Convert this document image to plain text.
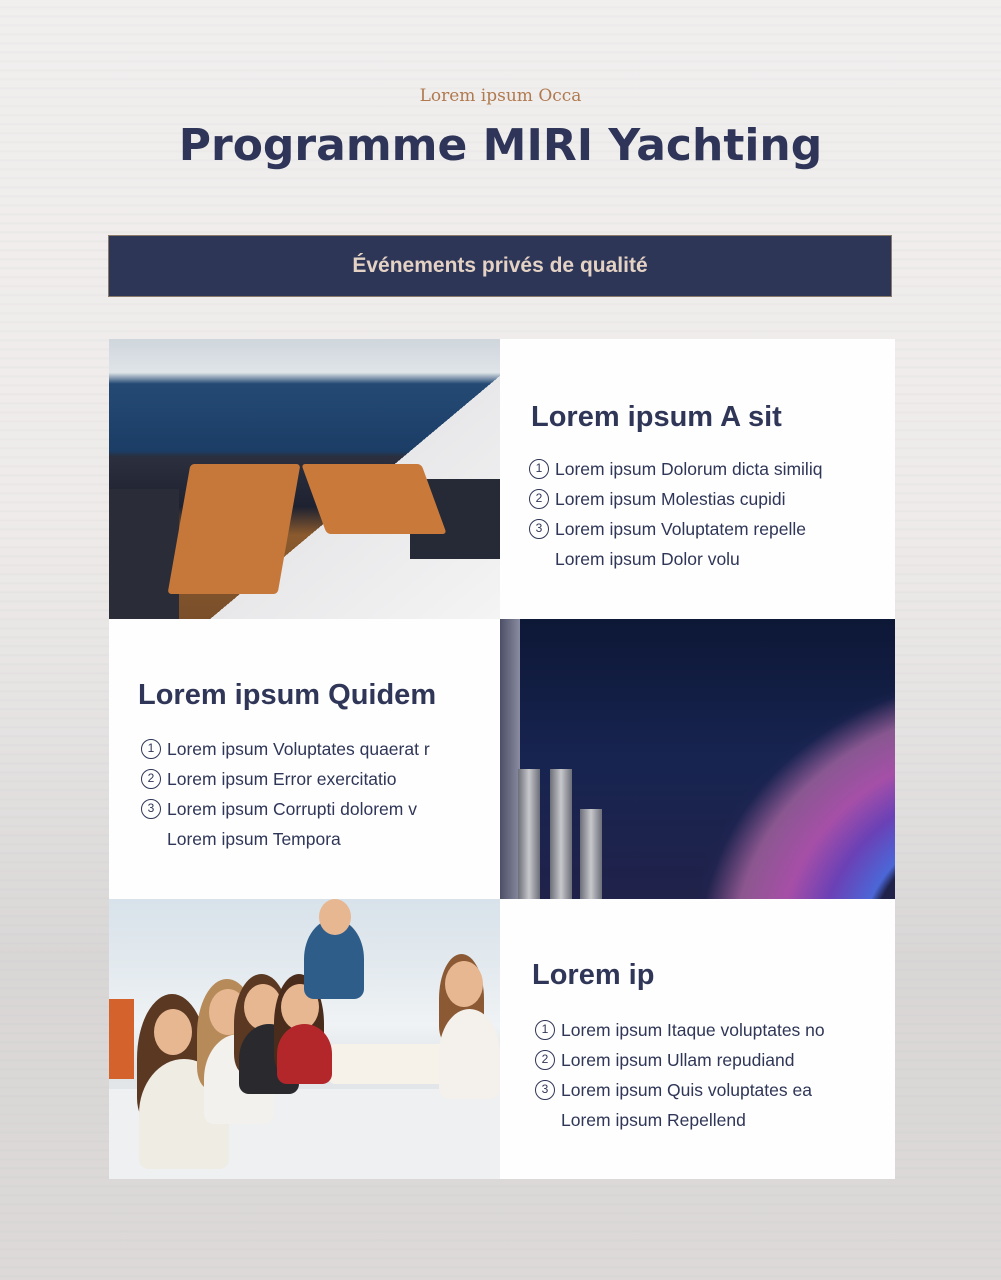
Lorem ipsum Occa
Programme MIRI Yachting
Événements privés de qualité
Lorem ipsum A sit
1 Lorem ipsum Dolorum dicta similiq
2 Lorem ipsum Molestias cupidi
3 Lorem ipsum Voluptatem repelle
Lorem ipsum Dolor volu
Lorem ipsum Quidem
1 Lorem ipsum Voluptates quaerat r
2 Lorem ipsum Error exercitatio
3 Lorem ipsum Corrupti dolorem v
Lorem ipsum Tempora
Lorem ip
1 Lorem ipsum Itaque voluptates no
2 Lorem ipsum Ullam repudiand
3 Lorem ipsum Quis voluptates ea
Lorem ipsum Repellend
